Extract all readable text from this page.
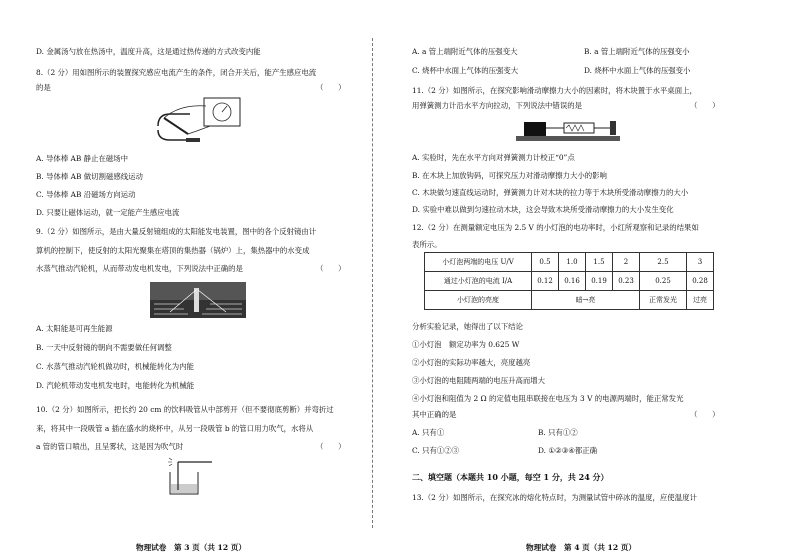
D. 金属汤勺放在热汤中，温度升高，这是通过热传递的方式改变内能
8.（2 分）用如图所示的装置探究感应电流产生的条件，闭合开关后，能产生感应电流
的是	（　　）
A. 导体棒 AB 静止在磁场中
B. 导体棒 AB 做切割磁感线运动
C. 导体棒 AB 沿磁场方向运动
D. 只要让磁体运动，就一定能产生感应电流
9.（2 分）如图所示，是由大量反射镜组成的太阳能发电装置，图中的各个反射镜由计
算机的控制下，使反射的太阳光聚集在塔顶的集热器（锅炉）上，集热器中的水变成
水蒸气推动汽轮机，从而带动发电机发电，下列说法中正确的是	（　　）
A. 太阳能是可再生能源
B. 一天中反射镜的朝向不需要做任何调整
C. 水蒸气推动汽轮机做功时，机械能转化为内能
D. 汽轮机带动发电机发电时，电能转化为机械能
10.（2 分）如图所示，把长约 20 cm 的饮料吸管从中部剪开（但不要彻底剪断）并弯折过
来，将其中一段吸管 a 插在盛水的烧杯中，从另一段吸管 b 的管口用力吹气，水将从
a 管的管口喷出，且呈雾状，这是因为吹气时	（　　）
物理试卷　第 3 页（共 12 页）
A. a 管上端附近气体的压强变大	B. a 管上端附近气体的压强变小
C. 烧杯中水面上气体的压强变大	D. 烧杯中水面上气体的压强变小
11.（2 分）如图所示，在探究影响滑动摩擦力大小的因素时，将木块置于水平桌面上，
用弹簧测力计沿水平方向拉动，下列说法中错误的是	（　　）
A. 实验时，先在水平方向对弹簧测力计校正“0”点
B. 在木块上加放钩码，可探究压力对滑动摩擦力大小的影响
C. 木块做匀速直线运动时，弹簧测力计对木块的拉力等于木块所受滑动摩擦力的大小
D. 实验中难以做到匀速拉动木块，这会导致木块所受滑动摩擦力的大小发生变化
12.（2 分）在测量额定电压为 2.5 V 的小灯泡的电功率时，小红所观察和记录的结果如
表所示。
小灯泡两端的电压 U/V	0.5	1.0	1.5	2	2.5	3
通过小灯泡的电流 I/A	0.12	0.16	0.19	0.23	0.25	0.28
小灯泡的亮度	暗→亮				正常发光	过亮
分析实验记录，她得出了以下结论
①小灯泡　额定功率为 0.625 W
②小灯泡的实际功率越大，亮度越亮
③小灯泡的电阻随两端的电压升高而增大
④小灯泡和阻值为 2 Ω 的定值电阻串联接在电压为 3 V 的电源两端时，能正常发光
其中正确的是	（　　）
A. 只有①	B. 只有①②
C. 只有①②③	D. ①②③④都正确
二、填空题（本题共 10 小题，每空 1 分，共 24 分）
13.（2 分）如图所示，在探究冰的熔化特点时，为测量试管中碎冰的温度，应使温度计
物理试卷　第 4 页（共 12 页）
